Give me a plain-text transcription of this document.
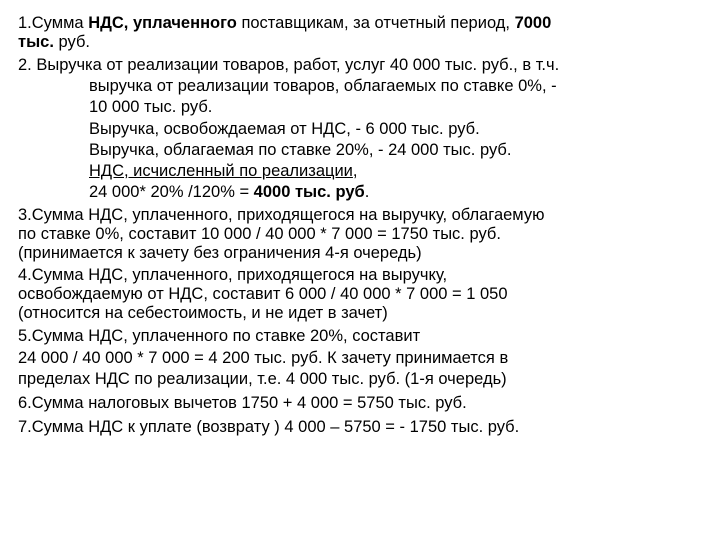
1.Сумма НДС, уплаченного поставщикам, за отчетный период, 7000

тыс. руб.

2. Выручка от реализации товаров, работ, услуг 40 000 тыс. руб., в т.ч.

выручка от реализации товаров, облагаемых по ставке 0%, -

10 000 тыс. руб.

Выручка, освобождаемая от НДС, - 6 000 тыс. руб.

Выручка, облагаемая по ставке 20%, - 24 000 тыс. руб.

НДС, исчисленный по реализации,

24 000* 20% /120% = 4000 тыс. руб.

3.Сумма НДС, уплаченного, приходящегося на выручку, облагаемую

по ставке 0%, составит 10 000 / 40 000 * 7 000 = 1750 тыс. руб.

(принимается к зачету без ограничения 4-я очередь)

4.Сумма НДС, уплаченного, приходящегося на выручку,

освобождаемую от НДС, составит 6 000 / 40 000 * 7 000 = 1 050

(относится на себестоимость, и не идет в зачет)

5.Сумма НДС, уплаченного по ставке 20%, составит

24 000 / 40 000 * 7 000 = 4 200 тыс. руб. К зачету принимается в

пределах НДС по реализации, т.е. 4 000 тыс. руб. (1-я очередь)

6.Сумма налоговых вычетов 1750 + 4 000 = 5750 тыс. руб.

7.Сумма НДС к уплате (возврату ) 4 000 – 5750 = - 1750 тыс. руб.
